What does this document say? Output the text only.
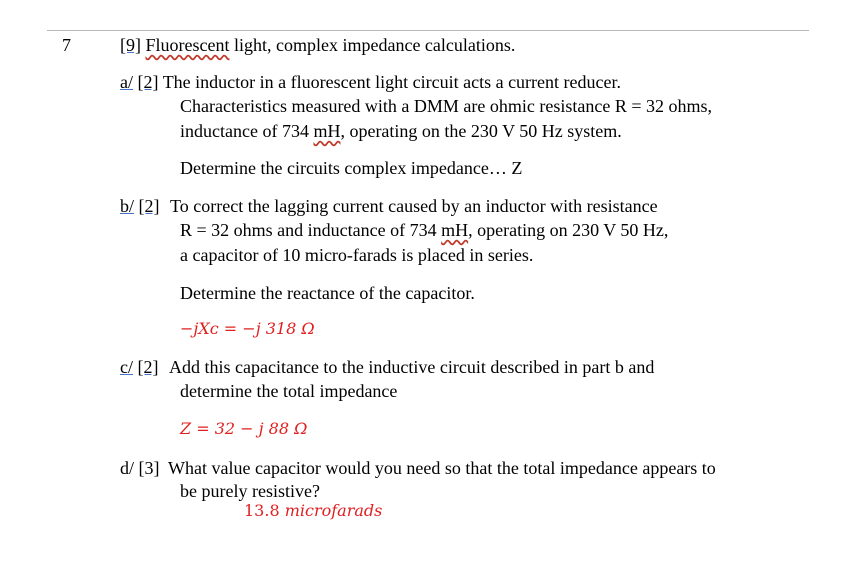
7	[9] Fluorescent light, complex impedance calculations.
a/ [2] The inductor in a fluorescent light circuit acts a current reducer.
Characteristics measured with a DMM are ohmic resistance R = 32 ohms,
inductance of 734 mH, operating on the 230 V 50 Hz system.
Determine the circuits complex impedance… Z
b/ [2] To correct the lagging current caused by an inductor with resistance
R = 32 ohms and inductance of 734 mH, operating on 230 V 50 Hz,
a capacitor of 10 micro-farads is placed in series.
Determine the reactance of the capacitor.
−jXᴄ = −j 318 Ω
c/ [2] Add this capacitance to the inductive circuit described in part b and
determine the total impedance
Z = 32 − j 88 Ω
d/ [3] What value capacitor would you need so that the total impedance appears to
be purely resistive?
13.8 microfarads
